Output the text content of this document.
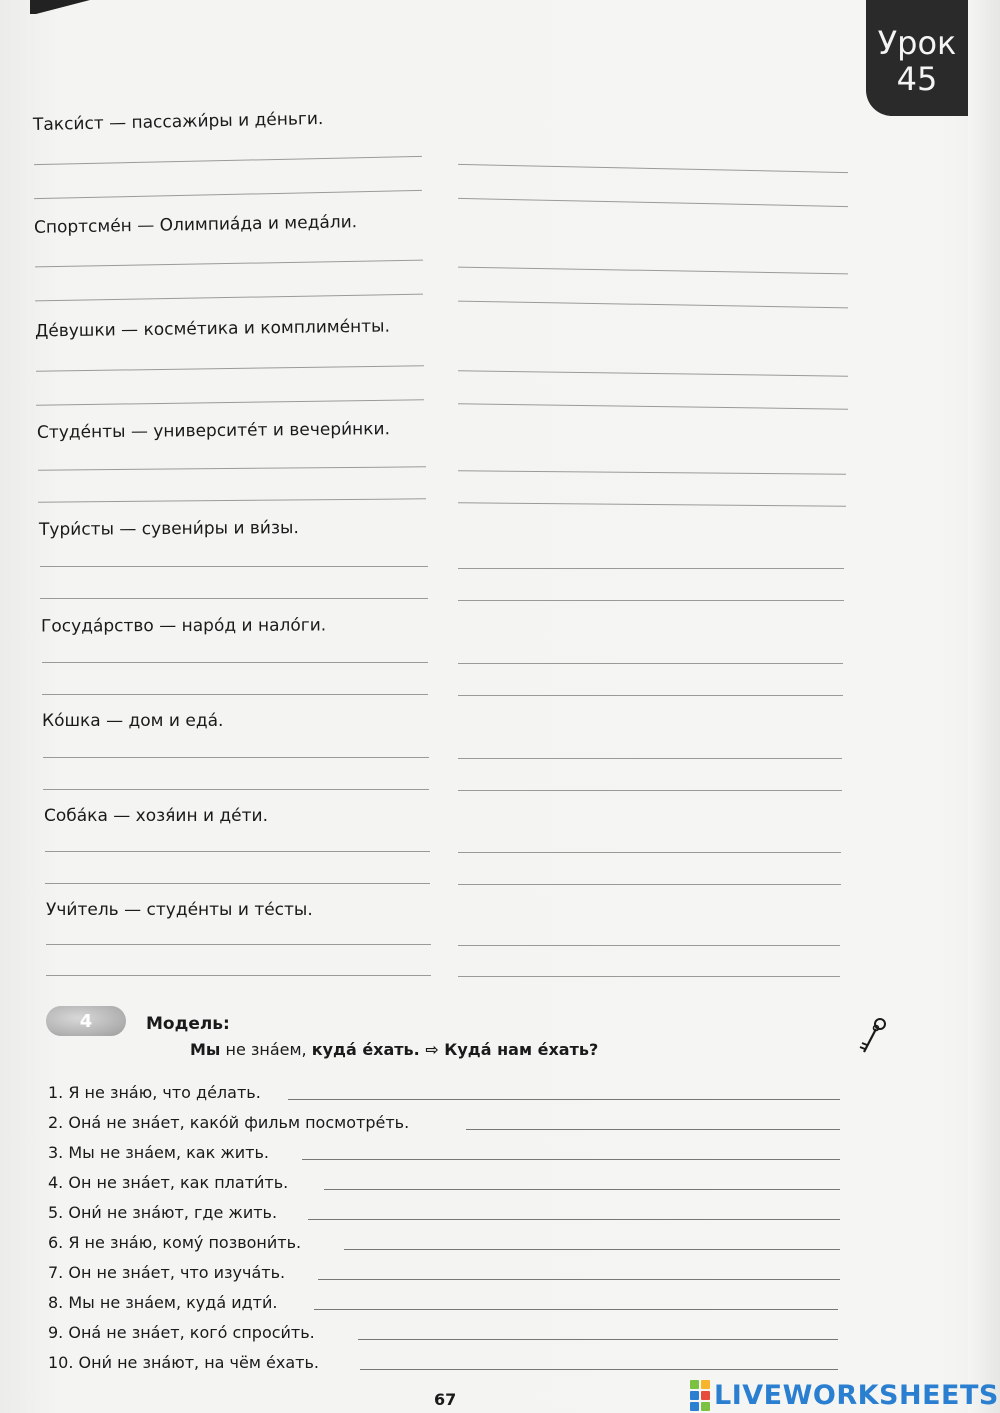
Урок
45
Такси́ст — пассажи́ры и де́ньги.
Спортсме́н — Олимпиа́да и меда́ли.
Де́вушки — косме́тика и комплиме́нты.
Студе́нты — университе́т и вечери́нки.
Тури́сты — сувени́ры и ви́зы.
Госуда́рство — наро́д и нало́ги.
Ко́шка — дом и еда́.
Соба́ка — хозя́ин и де́ти.
Учи́тель — студе́нты и те́сты.
4	Модель:
Мы не зна́ем, куда́ е́хать. ⇨ Куда́ нам е́хать?
1. Я не зна́ю, что де́лать.
2. Она́ не зна́ет, како́й фильм посмотре́ть.
3. Мы не зна́ем, как жить.
4. Он не зна́ет, как плати́ть.
5. Они́ не зна́ют, где жить.
6. Я не зна́ю, кому́ позвони́ть.
7. Он не зна́ет, что изуча́ть.
8. Мы не зна́ем, куда́ идти́.
9. Она́ не зна́ет, кого́ спроси́ть.
10. Они́ не зна́ют, на чём е́хать.
67	LIVEWORKSHEETS
